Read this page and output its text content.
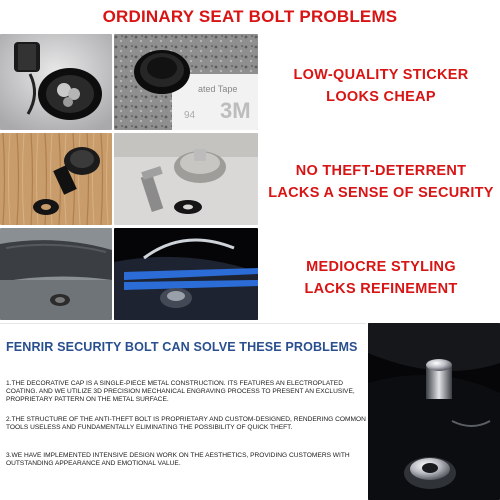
ORDINARY SEAT BOLT PROBLEMS
ated Tape
3M
94
LOW-QUALITY STICKER
LOOKS CHEAP
NO THEFT-DETERRENT
LACKS A SENSE OF SECURITY
MEDIOCRE STYLING
LACKS REFINEMENT
FENRIR SECURITY BOLT CAN SOLVE THESE PROBLEMS
1.THE DECORATIVE CAP IS A SINGLE-PIECE METAL CONSTRUCTION. ITS FEATURES AN ELECTROPLATED COATING. AND WE UTILIZE 3D PRECISION MECHANICAL ENGRAVING PROCESS TO PRESENT AN EXCLUSIVE, PROPRIETARY PATTERN ON THE METAL SURFACE.
2.THE STRUCTURE OF THE ANTI-THEFT BOLT IS PROPRIETARY AND CUSTOM-DESIGNED, RENDERING COMMON TOOLS USELESS AND FUNDAMENTALLY ELIMINATING THE POSSIBILITY OF QUICK THEFT.
3.WE HAVE IMPLEMENTED INTENSIVE DESIGN WORK ON THE AESTHETICS, PROVIDING CUSTOMERS WITH OUTSTANDING APPEARANCE AND EMOTIONAL VALUE.
